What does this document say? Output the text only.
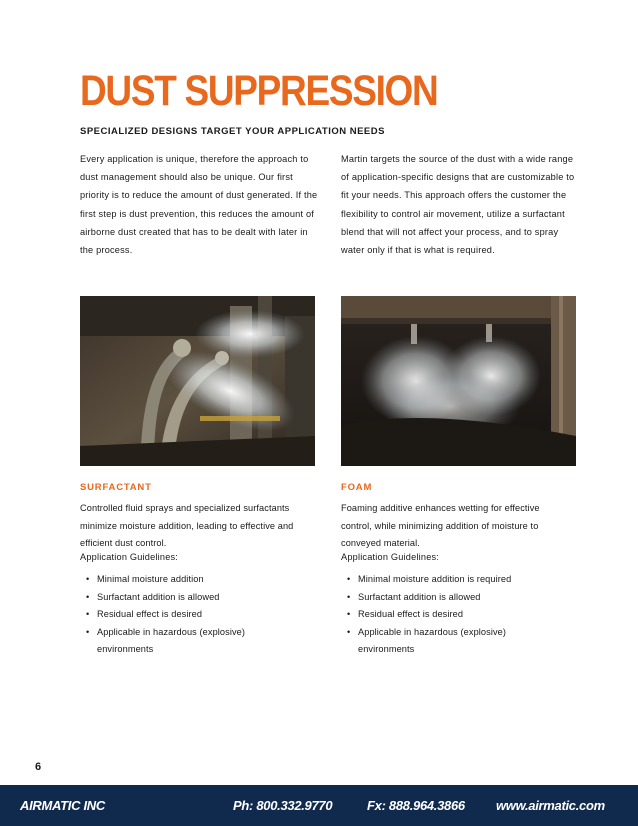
DUST SUPPRESSION

SPECIALIZED DESIGNS TARGET YOUR APPLICATION NEEDS

Every application is unique, therefore the approach to dust management should also be unique. Our first priority is to reduce the amount of dust generated. If the first step is dust prevention, this reduces the amount of airborne dust created that has to be dealt with later in the process.

Martin targets the source of the dust with a wide range of application-specific designs that are customizable to fit your needs. This approach offers the customer the flexibility to control air movement, utilize a surfactant blend that will not affect your process, and to spray water only if that is what is required.

SURFACTANT

Controlled fluid sprays and specialized surfactants minimize moisture addition, leading to effective and efficient dust control.

Application Guidelines:

• Minimal moisture addition
• Surfactant addition is allowed
• Residual effect is desired
• Applicable in hazardous (explosive) environments

FOAM

Foaming additive enhances wetting for effective control, while minimizing addition of moisture to conveyed material.

Application Guidelines:

• Minimal moisture addition is required
• Surfactant addition is allowed
• Residual effect is desired
• Applicable in hazardous (explosive) environments

6

AIRMATIC INC	Ph: 800.332.9770	Fx: 888.964.3866 www.airmatic.com
